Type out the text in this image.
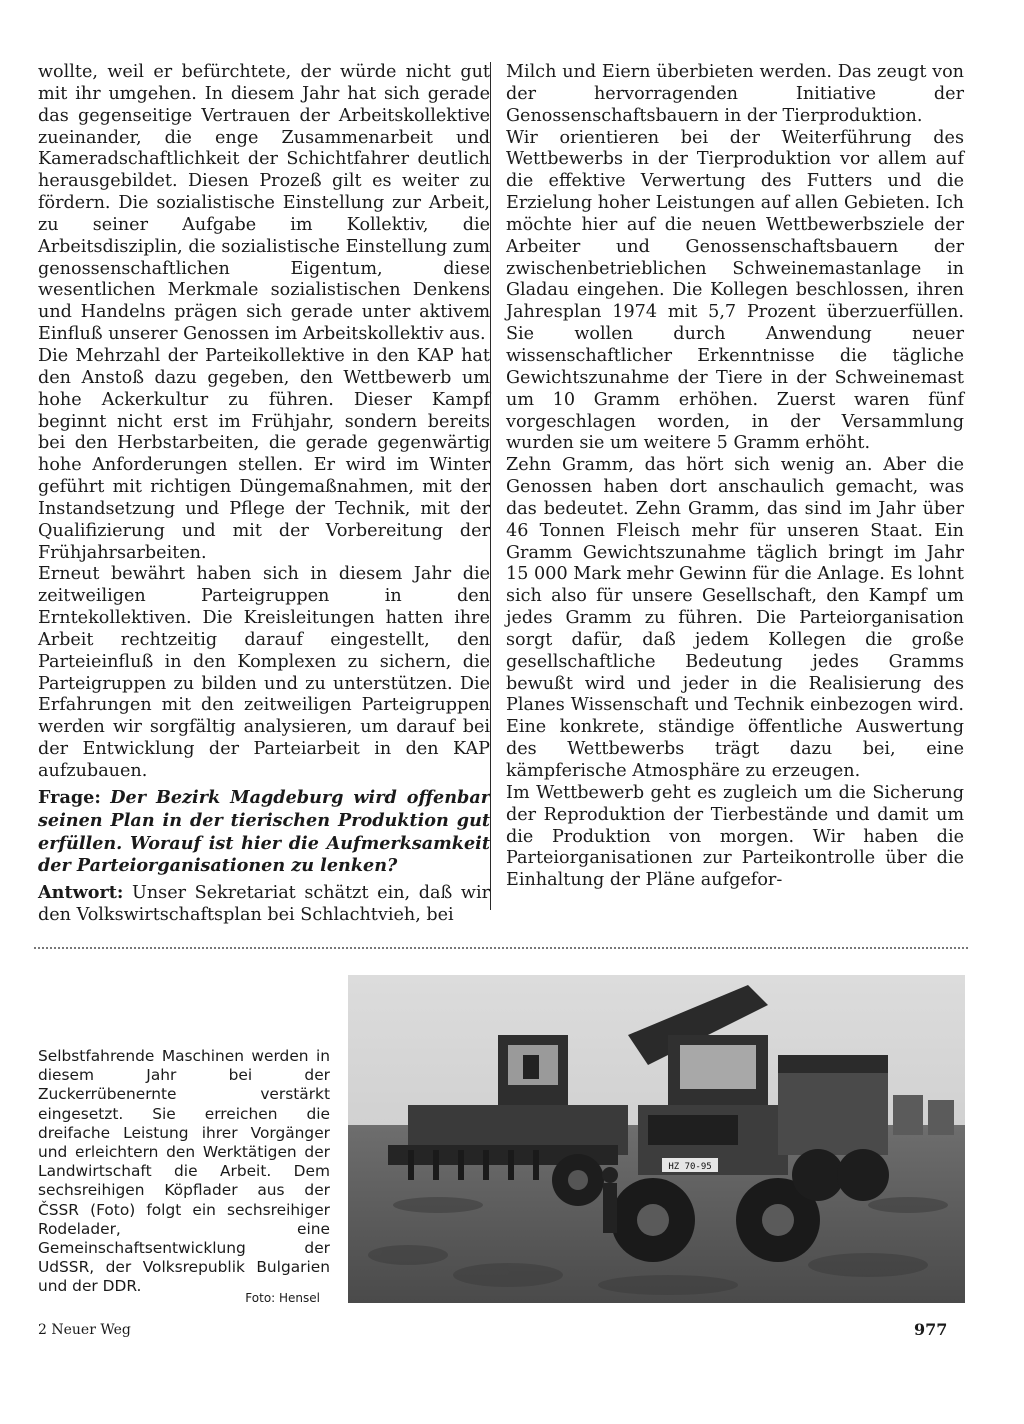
wollte, weil er befürchtete, der würde nicht gut mit ihr umgehen. In diesem Jahr hat sich gerade das gegenseitige Vertrauen der Arbeitskollektive zueinander, die enge Zusammenarbeit und Kameradschaftlichkeit der Schichtfahrer deutlich herausgebildet. Diesen Prozeß gilt es weiter zu fördern. Die sozialistische Einstellung zur Arbeit, zu seiner Aufgabe im Kollektiv, die Arbeitsdisziplin, die sozialistische Einstellung zum genossenschaftlichen Eigentum, diese wesentlichen Merkmale sozialistischen Denkens und Handelns prägen sich gerade unter aktivem Einfluß unserer Genossen im Arbeitskollektiv aus.

Die Mehrzahl der Parteikollektive in den KAP hat den Anstoß dazu gegeben, den Wettbewerb um hohe Ackerkultur zu führen. Dieser Kampf beginnt nicht erst im Frühjahr, sondern bereits bei den Herbstarbeiten, die gerade gegenwärtig hohe Anforderungen stellen. Er wird im Winter geführt mit richtigen Düngemaßnahmen, mit der Instandsetzung und Pflege der Technik, mit der Qualifizierung und mit der Vorbereitung der Frühjahrsarbeiten.

Erneut bewährt haben sich in diesem Jahr die zeitweiligen Parteigruppen in den Erntekollektiven. Die Kreisleitungen hatten ihre Arbeit rechtzeitig darauf eingestellt, den Parteieinfluß in den Komplexen zu sichern, die Parteigruppen zu bilden und zu unterstützen. Die Erfahrungen mit den zeitweiligen Parteigruppen werden wir sorgfältig analysieren, um darauf bei der Entwicklung der Parteiarbeit in den KAP aufzubauen.

Frage: Der Bezirk Magdeburg wird offenbar seinen Plan in der tierischen Produktion gut erfüllen. Worauf ist hier die Aufmerksamkeit der Parteiorganisationen zu lenken?

Antwort: Unser Sekretariat schätzt ein, daß wir den Volkswirtschaftsplan bei Schlachtvieh, bei

Milch und Eiern überbieten werden. Das zeugt von der hervorragenden Initiative der Genossenschaftsbauern in der Tierproduktion.

Wir orientieren bei der Weiterführung des Wettbewerbs in der Tierproduktion vor allem auf die effektive Verwertung des Futters und die Erzielung hoher Leistungen auf allen Gebieten. Ich möchte hier auf die neuen Wettbewerbsziele der Arbeiter und Genossenschaftsbauern der zwischenbetrieblichen Schweinemastanlage in Gladau eingehen. Die Kollegen beschlossen, ihren Jahresplan 1974 mit 5,7 Prozent überzuerfüllen. Sie wollen durch Anwendung neuer wissenschaftlicher Erkenntnisse die tägliche Gewichtszunahme der Tiere in der Schweinemast um 10 Gramm erhöhen. Zuerst waren fünf vorgeschlagen worden, in der Versammlung wurden sie um weitere 5 Gramm erhöht.

Zehn Gramm, das hört sich wenig an. Aber die Genossen haben dort anschaulich gemacht, was das bedeutet. Zehn Gramm, das sind im Jahr über 46 Tonnen Fleisch mehr für unseren Staat. Ein Gramm Gewichtszunahme täglich bringt im Jahr 15 000 Mark mehr Gewinn für die Anlage. Es lohnt sich also für unsere Gesellschaft, den Kampf um jedes Gramm zu führen. Die Parteiorganisation sorgt dafür, daß jedem Kollegen die große gesellschaftliche Bedeutung jedes Gramms bewußt wird und jeder in die Realisierung des Planes Wissenschaft und Technik einbezogen wird. Eine konkrete, ständige öffentliche Auswertung des Wettbewerbs trägt dazu bei, eine kämpferische Atmosphäre zu erzeugen.

Im Wettbewerb geht es zugleich um die Sicherung der Reproduktion der Tierbestände und damit um die Produktion von morgen. Wir haben die Parteiorganisationen zur Parteikontrolle über die Einhaltung der Pläne aufgefor-

Selbstfahrende Maschinen werden in diesem Jahr bei der Zuckerrübenernte verstärkt eingesetzt. Sie erreichen die dreifache Leistung ihrer Vorgänger und erleichtern den Werktätigen der Landwirtschaft die Arbeit. Dem sechsreihigen Köpflader aus der ČSSR (Foto) folgt ein sechsreihiger Rodelader, eine Gemeinschaftsentwicklung der UdSSR, der Volksrepublik Bulgarien und der DDR.
Foto: Hensel
HZ 70-95
2 Neuer Weg	977
